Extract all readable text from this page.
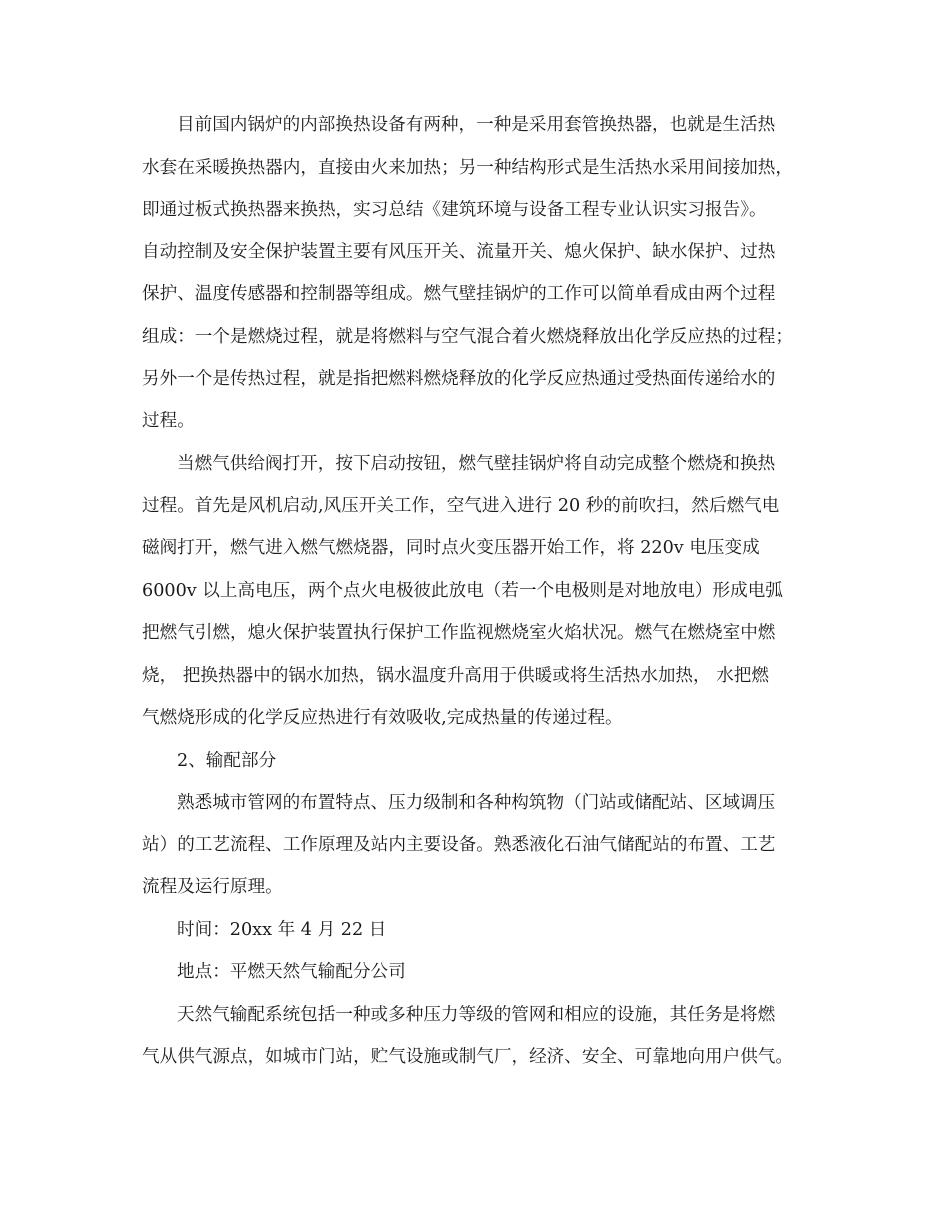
目前国内锅炉的内部换热设备有两种，一种是采用套管换热器，也就是生活热
水套在采暖换热器内，直接由火来加热；另一种结构形式是生活热水采用间接加热，
即通过板式换热器来换热，实习总结《建筑环境与设备工程专业认识实习报告》。
自动控制及安全保护装置主要有风压开关、流量开关、熄火保护、缺水保护、过热
保护、温度传感器和控制器等组成。燃气壁挂锅炉的工作可以简单看成由两个过程
组成：一个是燃烧过程，就是将燃料与空气混合着火燃烧释放出化学反应热的过程；
另外一个是传热过程，就是指把燃料燃烧释放的化学反应热通过受热面传递给水的
过程。
当燃气供给阀打开，按下启动按钮，燃气壁挂锅炉将自动完成整个燃烧和换热
过程。首先是风机启动,风压开关工作，空气进入进行 20 秒的前吹扫，然后燃气电
磁阀打开，燃气进入燃气燃烧器，同时点火变压器开始工作，将 220v 电压变成
6000v 以上高电压，两个点火电极彼此放电（若一个电极则是对地放电）形成电弧
把燃气引燃，熄火保护装置执行保护工作监视燃烧室火焰状况。燃气在燃烧室中燃
烧， 把换热器中的锅水加热，锅水温度升高用于供暖或将生活热水加热， 水把燃
气燃烧形成的化学反应热进行有效吸收,完成热量的传递过程。
2、输配部分
熟悉城市管网的布置特点、压力级制和各种构筑物（门站或储配站、区域调压
站）的工艺流程、工作原理及站内主要设备。熟悉液化石油气储配站的布置、工艺
流程及运行原理。
时间：20xx 年 4 月 22 日
地点：平燃天然气输配分公司
天然气输配系统包括一种或多种压力等级的管网和相应的设施，其任务是将燃
气从供气源点，如城市门站，贮气设施或制气厂，经济、安全、可靠地向用户供气。
